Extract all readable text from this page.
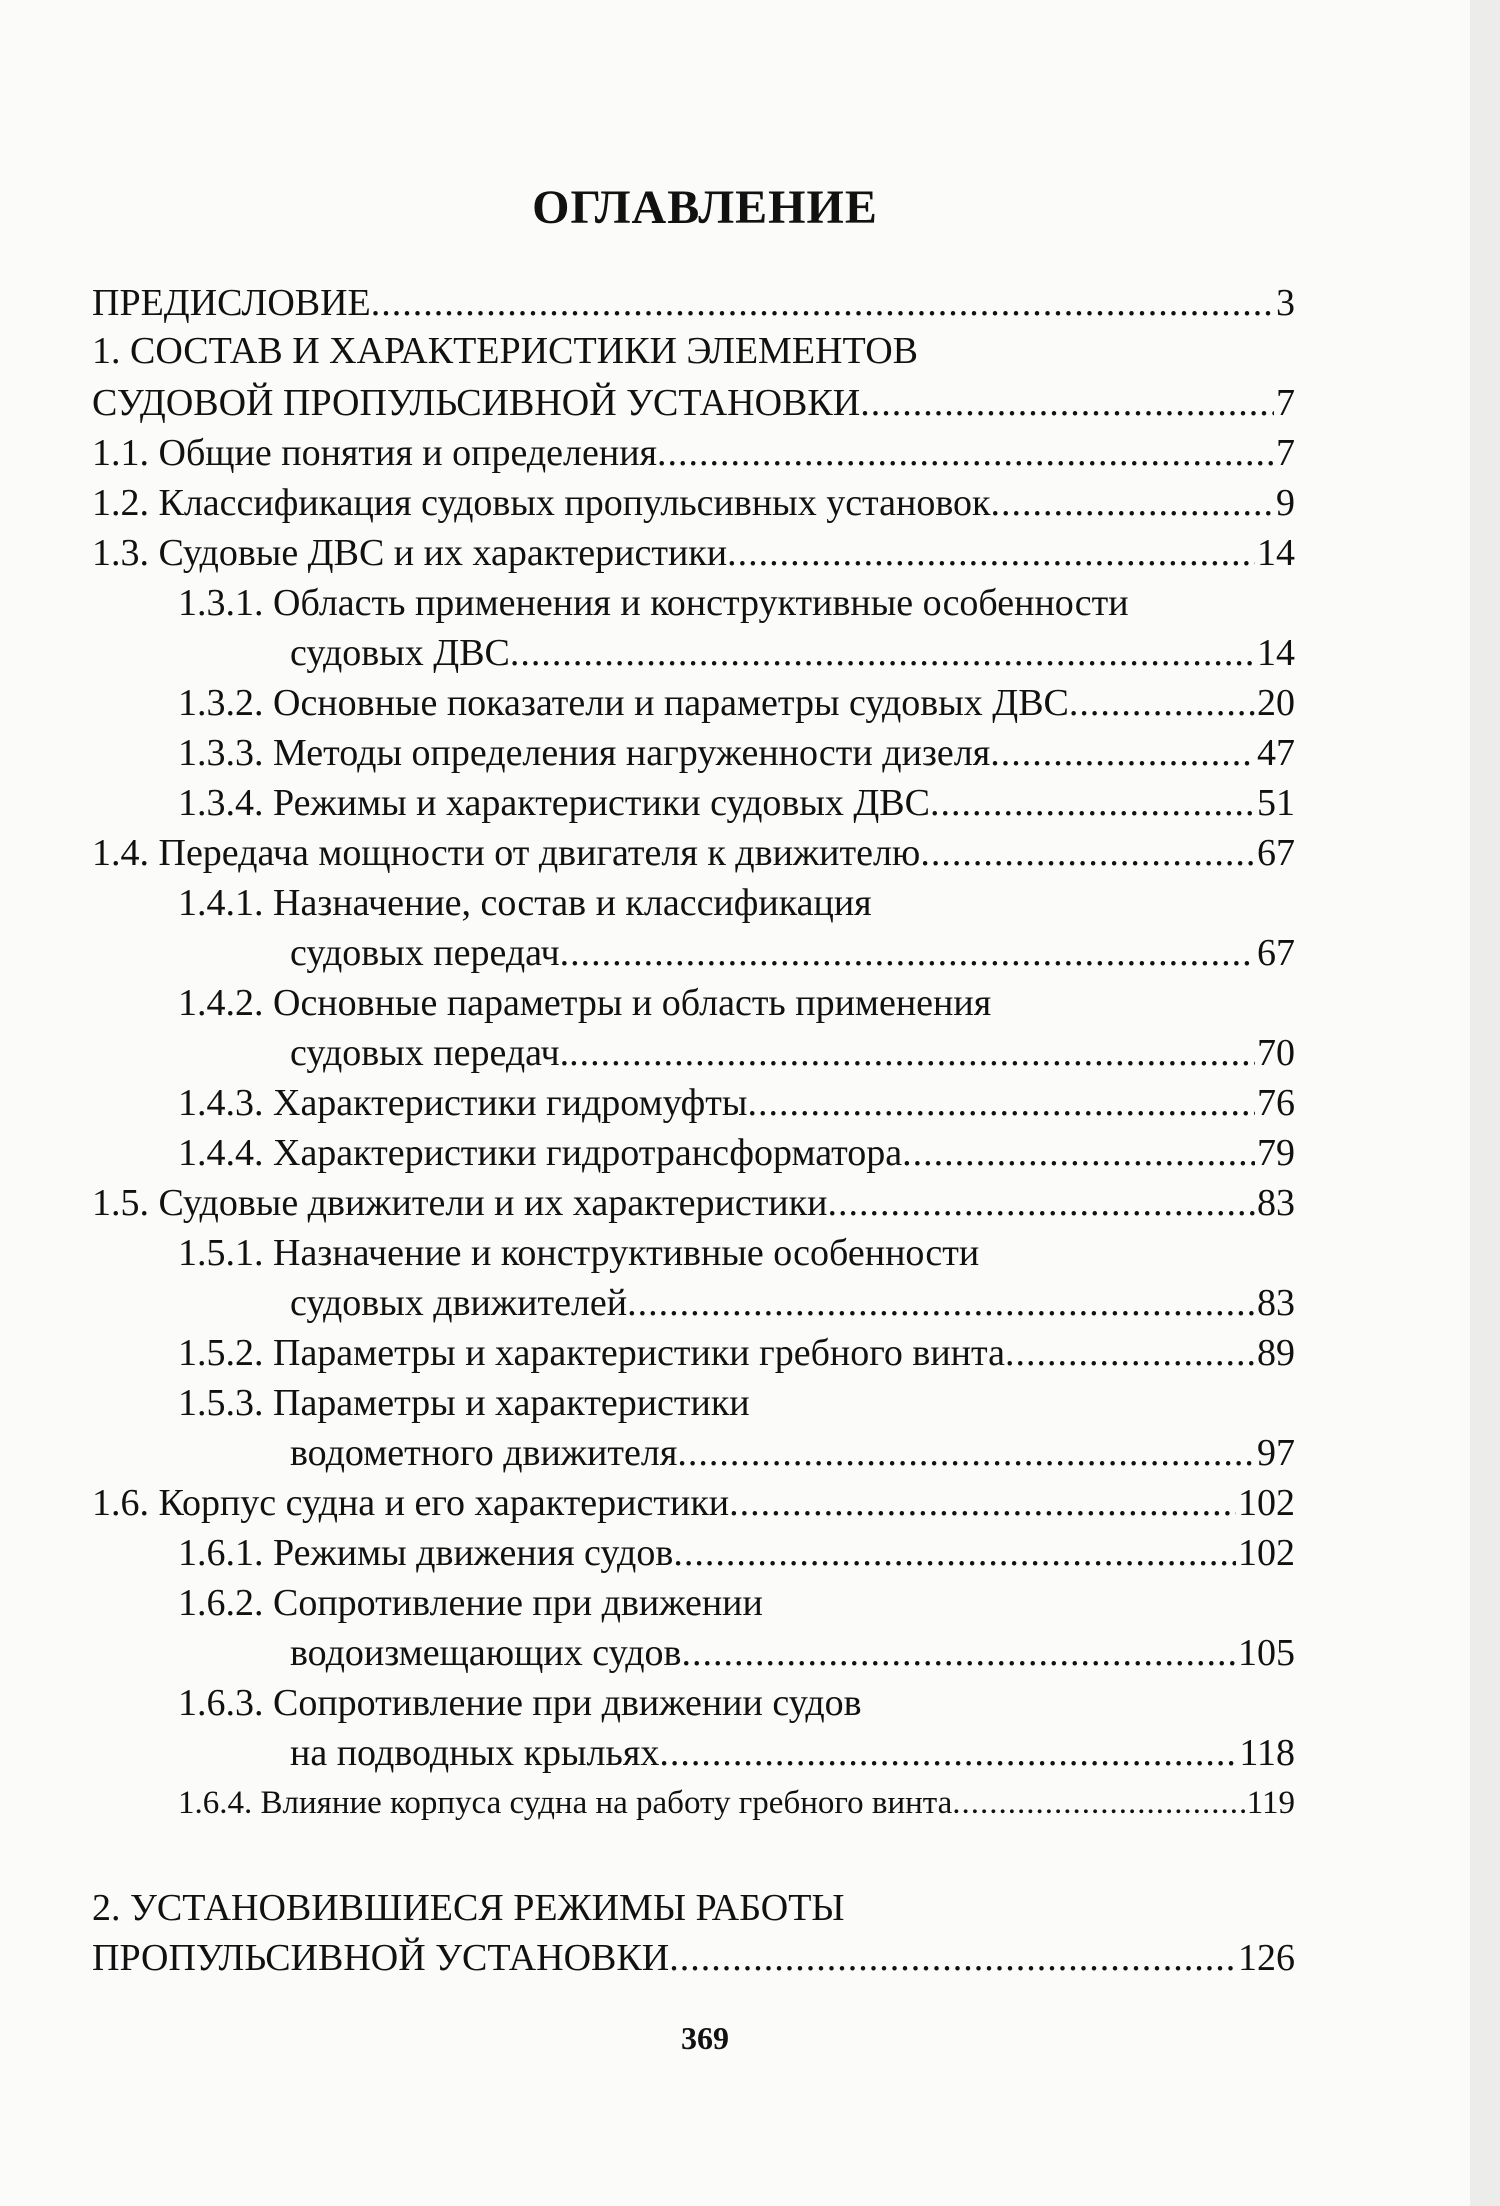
ОГЛАВЛЕНИЕ
ПРЕДИСЛОВИЕ .....	3
1. СОСТАВ И ХАРАКТЕРИСТИКИ ЭЛЕМЕНТОВ
СУДОВОЙ ПРОПУЛЬСИВНОЙ УСТАНОВКИ .....	7
1.1. Общие понятия и определения .....	7
1.2. Классификация судовых пропульсивных установок .....	9
1.3. Судовые ДВС и их характеристики .....	14
1.3.1. Область применения и конструктивные особенности
судовых ДВС .....	14
1.3.2. Основные показатели и параметры судовых ДВС .....	20
1.3.3. Методы определения нагруженности дизеля .....	47
1.3.4. Режимы и характеристики судовых ДВС .....	51
1.4. Передача мощности от двигателя к движителю .....	67
1.4.1. Назначение, состав и классификация
судовых передач .....	67
1.4.2. Основные параметры и область применения
судовых передач. .....	70
1.4.3. Характеристики гидромуфты .....	76
1.4.4. Характеристики гидротрансформатора .....	79
1.5. Судовые движители и их характеристики .....	83
1.5.1. Назначение и конструктивные особенности
судовых движителей .....	83
1.5.2. Параметры и характеристики гребного винта .....	89
1.5.3. Параметры и характеристики
водометного движителя .....	97
1.6. Корпус судна и его характеристики .....	102
1.6.1. Режимы движения судов .....	102
1.6.2. Сопротивление при движении
водоизмещающих судов .....	105
1.6.3. Сопротивление при движении судов
на подводных крыльях .....	118
1.6.4. Влияние корпуса судна на работу гребного винта .....	119
2. УСТАНОВИВШИЕСЯ РЕЖИМЫ РАБОТЫ
ПРОПУЛЬСИВНОЙ УСТАНОВКИ .....	126
369
